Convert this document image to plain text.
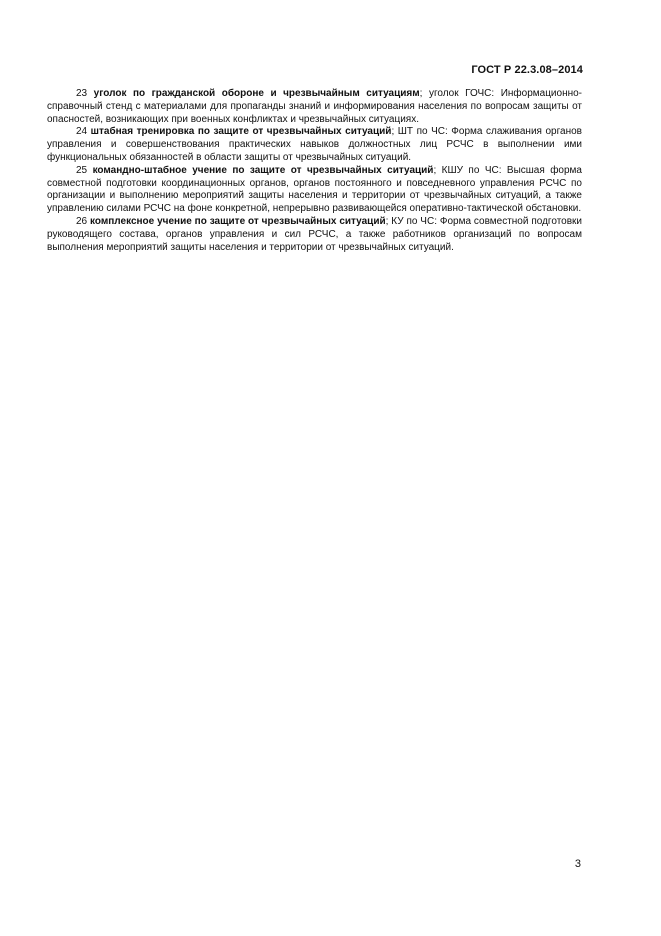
ГОСТ Р 22.3.08–2014

23 уголок по гражданской обороне и чрезвычайным ситуациям; уголок ГОЧС: Информационно-справочный стенд с материалами для пропаганды знаний и информирования населения по вопросам защиты от опасностей, возникающих при военных конфликтах и чрезвычайных ситуациях.

24 штабная тренировка по защите от чрезвычайных ситуаций; ШТ по ЧС: Форма слаживания органов управления и совершенствования практических навыков должностных лиц РСЧС в выполнении ими функциональных обязанностей в области защиты от чрезвычайных ситуаций.

25 командно-штабное учение по защите от чрезвычайных ситуаций; КШУ по ЧС: Высшая форма совместной подготовки координационных органов, органов постоянного и повседневного управления РСЧС по организации и выполнению мероприятий защиты населения и территории от чрезвычайных ситуаций, а также управлению силами РСЧС на фоне конкретной, непрерывно развивающейся оперативно-тактической обстановки.

26 комплексное учение по защите от чрезвычайных ситуаций; КУ по ЧС: Форма совместной подготовки руководящего состава, органов управления и сил РСЧС, а также работников организаций по вопросам выполнения мероприятий защиты населения и территории от чрезвычайных ситуаций.

3
